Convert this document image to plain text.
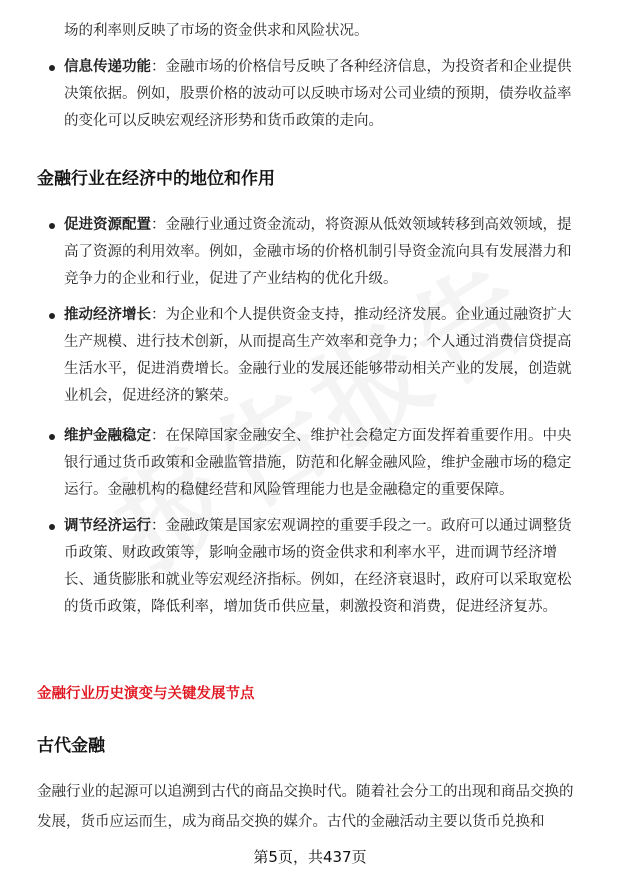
场的利率则反映了市场的资金供求和风险状况。
信息传递功能：金融市场的价格信号反映了各种经济信息，为投资者和企业提供决策依据。例如，股票价格的波动可以反映市场对公司业绩的预期，债券收益率的变化可以反映宏观经济形势和货币政策的走向。
金融行业在经济中的地位和作用
促进资源配置：金融行业通过资金流动，将资源从低效领域转移到高效领域，提高了资源的利用效率。例如，金融市场的价格机制引导资金流向具有发展潜力和竞争力的企业和行业，促进了产业结构的优化升级。
推动经济增长：为企业和个人提供资金支持，推动经济发展。企业通过融资扩大生产规模、进行技术创新，从而提高生产效率和竞争力；个人通过消费信贷提高生活水平，促进消费增长。金融行业的发展还能够带动相关产业的发展，创造就业机会，促进经济的繁荣。
维护金融稳定：在保障国家金融安全、维护社会稳定方面发挥着重要作用。中央银行通过货币政策和金融监管措施，防范和化解金融风险，维护金融市场的稳定运行。金融机构的稳健经营和风险管理能力也是金融稳定的重要保障。
调节经济运行：金融政策是国家宏观调控的重要手段之一。政府可以通过调整货币政策、财政政策等，影响金融市场的资金供求和利率水平，进而调节经济增长、通货膨胀和就业等宏观经济指标。例如，在经济衰退时，政府可以采取宽松的货币政策，降低利率，增加货币供应量，刺激投资和消费，促进经济复苏。
金融行业历史演变与关键发展节点
古代金融
金融行业的起源可以追溯到古代的商品交换时代。随着社会分工的出现和商品交换的发展，货币应运而生，成为商品交换的媒介。古代的金融活动主要以货币兑换和
第5页，共437页
